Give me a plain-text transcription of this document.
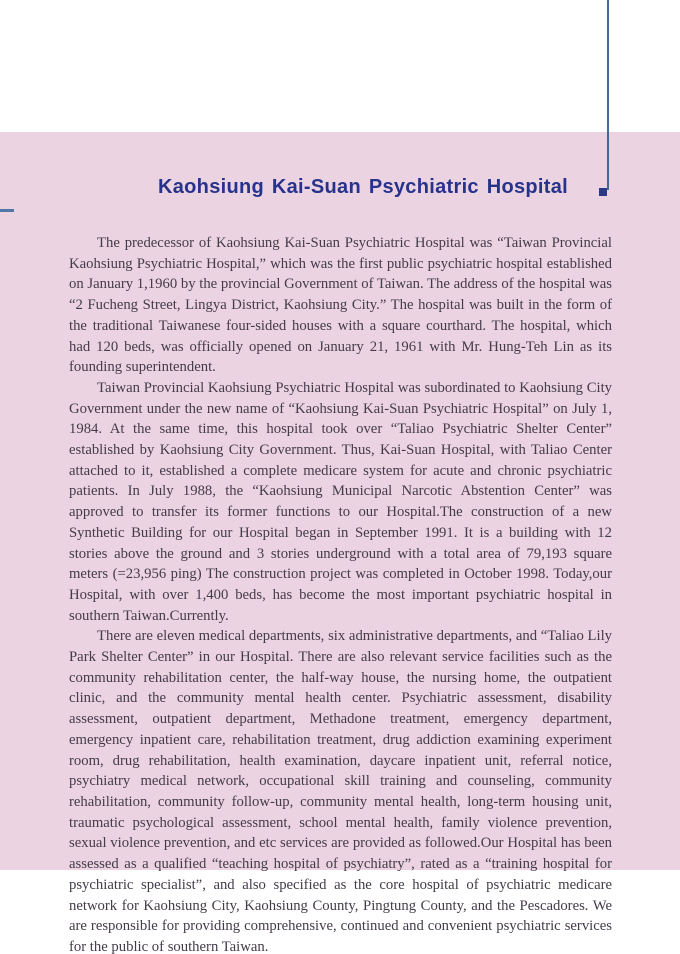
Kaohsiung Kai-Suan Psychiatric Hospital

The predecessor of Kaohsiung Kai-Suan Psychiatric Hospital was “Taiwan Provincial Kaohsiung Psychiatric Hospital,” which was the first public psychiatric hospital established on January 1,1960 by the provincial Government of Taiwan. The address of the hospital was “2 Fucheng Street, Lingya District, Kaohsiung City.” The hospital was built in the form of the traditional Taiwanese four-sided houses with a square courthard. The hospital, which had 120 beds, was officially opened on January 21, 1961 with Mr. Hung-Teh Lin as its founding superintendent.

Taiwan Provincial Kaohsiung Psychiatric Hospital was subordinated to Kaohsiung City Government under the new name of “Kaohsiung Kai-Suan Psychiatric Hospital” on July 1, 1984. At the same time, this hospital took over “Taliao Psychiatric Shelter Center” established by Kaohsiung City Government. Thus, Kai-Suan Hospital, with Taliao Center attached to it, established a complete medicare system for acute and chronic psychiatric patients. In July 1988, the “Kaohsiung Municipal Narcotic Abstention Center” was approved to transfer its former functions to our Hospital.The construction of a new Synthetic Building for our Hospital began in September 1991. It is a building with 12 stories above the ground and 3 stories underground with a total area of 79,193 square meters (=23,956 ping) The construction project was completed in October 1998. Today,our Hospital, with over 1,400 beds, has become the most important psychiatric hospital in southern Taiwan.Currently.

There are eleven medical departments, six administrative departments, and “Taliao Lily Park Shelter Center” in our Hospital. There are also relevant service facilities such as the community rehabilitation center, the half-way house, the nursing home, the outpatient clinic, and the community mental health center. Psychiatric assessment, disability assessment, outpatient department, Methadone treatment, emergency department, emergency inpatient care, rehabilitation treatment, drug addiction examining experiment room, drug rehabilitation, health examination, daycare inpatient unit, referral notice, psychiatry medical network, occupational skill training and counseling, community rehabilitation, community follow-up, community mental health, long-term housing unit, traumatic psychological assessment, school mental health, family violence prevention, sexual violence prevention, and etc services are provided as followed.Our Hospital has been assessed as a qualified “teaching hospital of psychiatry”, rated as a “training hospital for psychiatric specialist”, and also specified as the core hospital of psychiatric medicare network for Kaohsiung City, Kaohsiung County, Pingtung County, and the Pescadores. We are responsible for providing comprehensive, continued and convenient psychiatric services for the public of southern Taiwan.
